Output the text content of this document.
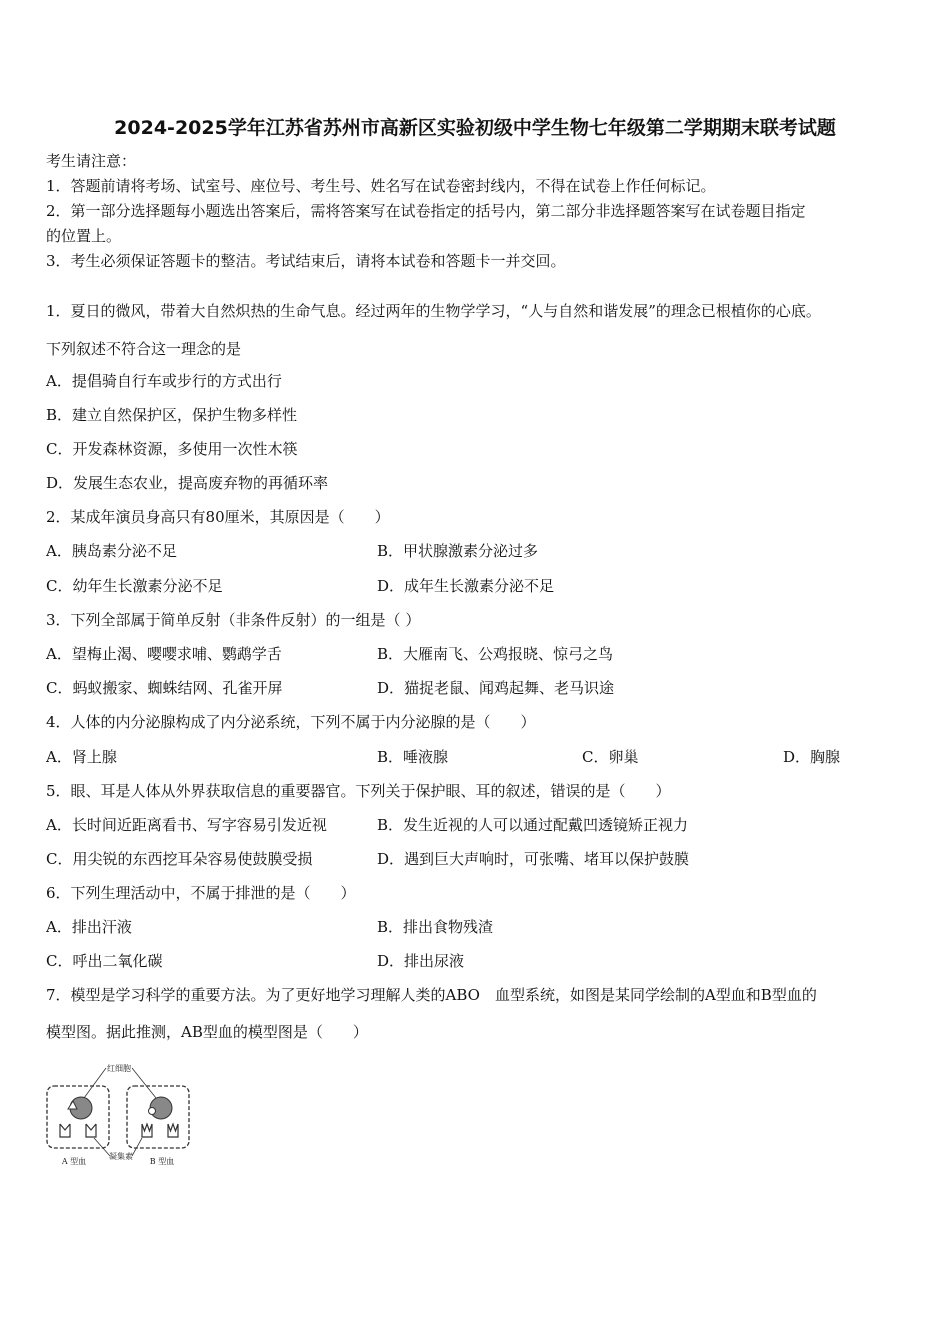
2024-2025学年江苏省苏州市高新区实验初级中学生物七年级第二学期期末联考试题
考生请注意：
1．答题前请将考场、试室号、座位号、考生号、姓名写在试卷密封线内，不得在试卷上作任何标记。
2．第一部分选择题每小题选出答案后，需将答案写在试卷指定的括号内，第二部分非选择题答案写在试卷题目指定
的位置上。
3．考生必须保证答题卡的整洁。考试结束后，请将本试卷和答题卡一并交回。
1．夏日的微风，带着大自然炽热的生命气息。经过两年的生物学学习，“人与自然和谐发展”的理念已根植你的心底。
下列叙述不符合这一理念的是
A．提倡骑自行车或步行的方式出行
B．建立自然保护区，保护生物多样性
C．开发森林资源，多使用一次性木筷
D．发展生态农业，提高废弃物的再循环率
2．某成年演员身高只有80厘米，其原因是（　　）
A．胰岛素分泌不足	B．甲状腺激素分泌过多
C．幼年生长激素分泌不足	D．成年生长激素分泌不足
3．下列全部属于简单反射（非条件反射）的一组是（ ）
A．望梅止渴、嘤嘤求哺、鹦鹉学舌	B．大雁南飞、公鸡报晓、惊弓之鸟
C．蚂蚁搬家、蜘蛛结网、孔雀开屏	D．猫捉老鼠、闻鸡起舞、老马识途
4．人体的内分泌腺构成了内分泌系统，下列不属于内分泌腺的是（　　）
A．肾上腺	B．唾液腺	C．卵巢	D．胸腺
5．眼、耳是人体从外界获取信息的重要器官。下列关于保护眼、耳的叙述，错误的是（　　）
A．长时间近距离看书、写字容易引发近视	B．发生近视的人可以通过配戴凹透镜矫正视力
C．用尖锐的东西挖耳朵容易使鼓膜受损	D．遇到巨大声响时，可张嘴、堵耳以保护鼓膜
6．下列生理活动中，不属于排泄的是（　　）
A．排出汗液	B．排出食物残渣
C．呼出二氧化碳	D．排出尿液
7．模型是学习科学的重要方法。为了更好地学习理解人类的ABO　血型系统，如图是某同学绘制的A型血和B型血的
模型图。据此推测，AB型血的模型图是（　　）
红细胞
凝集素
A 型血	B 型血
